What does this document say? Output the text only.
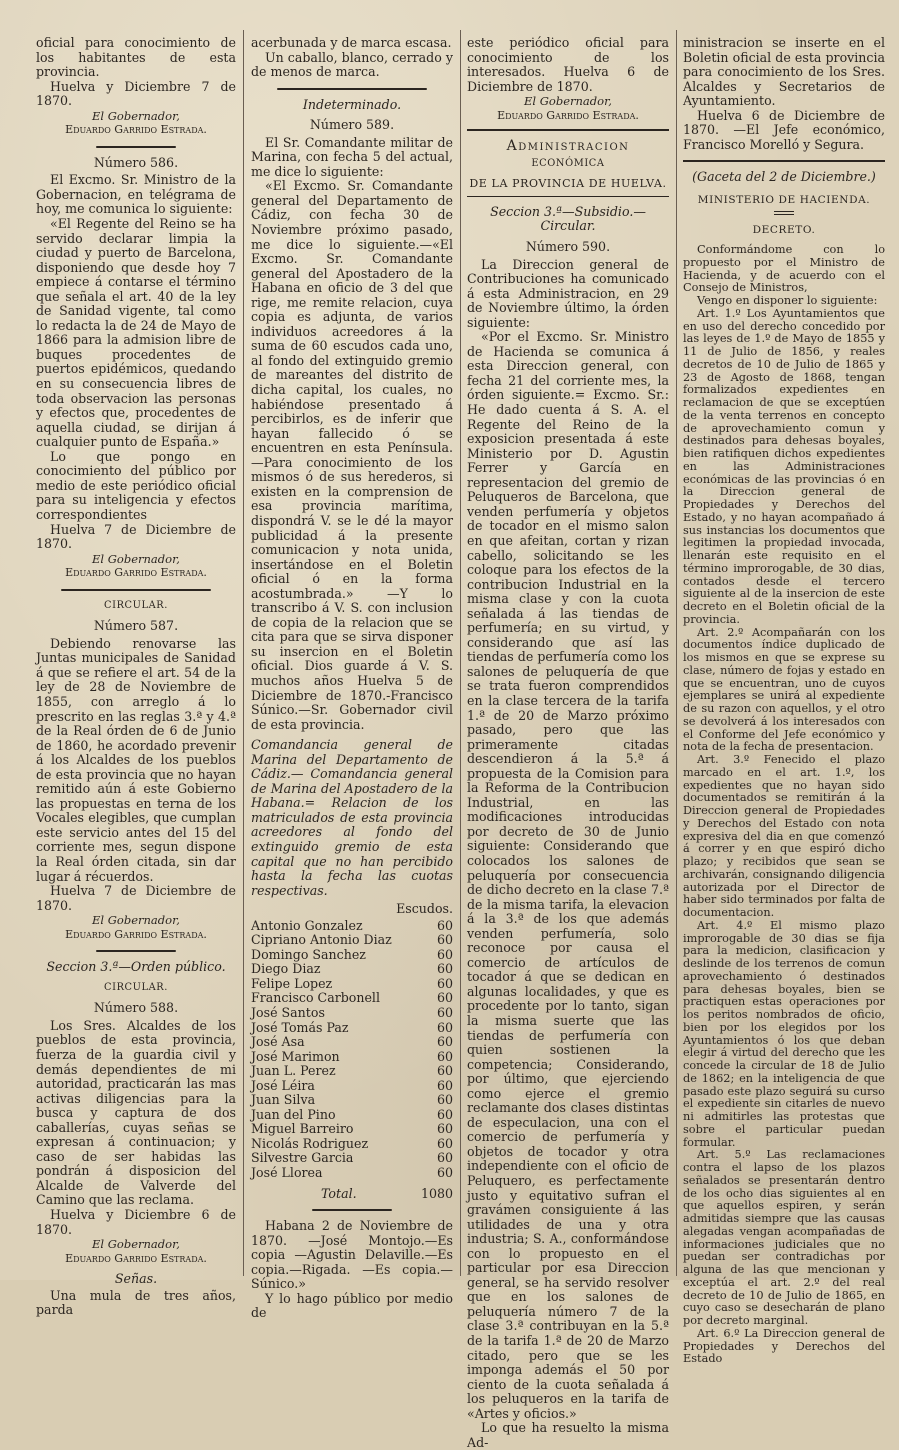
oficial para conocimiento de los habitantes de esta provincia.

Huelva y Diciembre 7 de 1870.

El Gobernador,

Eduardo Garrido Estrada.

Número 586.

El Excmo. Sr. Ministro de la Gobernacion, en telégrama de hoy, me comunica lo siguiente:

«El Regente del Reino se ha servido declarar limpia la ciudad y puerto de Barcelona, disponiendo que desde hoy 7 empiece á contarse el término que señala el art. 40 de la ley de Sanidad vigente, tal como lo redacta la de 24 de Mayo de 1866 para la admision libre de buques procedentes de puertos epidémicos, quedando en su consecuencia libres de toda observacion las personas y efectos que, procedentes de aquella ciudad, se dirijan á cualquier punto de España.»

Lo que pongo en conocimiento del público por medio de este periódico oficial para su inteligencia y efectos correspondientes

Huelva 7 de Diciembre de 1870.

El Gobernador,

Eduardo Garrido Estrada.

CIRCULAR.

Número 587.

Debiendo renovarse las Juntas municipales de Sanidad á que se refiere el art. 54 de la ley de 28 de Noviembre de 1855, con arreglo á lo prescrito en las reglas 3.ª y 4.ª de la Real órden de 6 de Junio de 1860, he acordado prevenir á los Alcaldes de los pueblos de esta provincia que no hayan remitido aún á este Gobierno las propuestas en terna de los Vocales elegibles, que cumplan este servicio antes del 15 del corriente mes, segun dispone la Real órden citada, sin dar lugar á récuerdos.

Huelva 7 de Diciembre de 1870.

El Gobernador,

Eduardo Garrido Estrada.

Seccion 3.ª—Orden público.

CIRCULAR.

Número 588.

Los Sres. Alcaldes de los pueblos de esta provincia, fuerza de la guardia civil y demás dependientes de mi autoridad, practicarán las mas activas diligencias para la busca y captura de dos caballerías, cuyas señas se expresan á continuacion; y caso de ser habidas las pondrán á disposicion del Alcalde de Valverde del Camino que las reclama.

Huelva y Diciembre 6 de 1870.

El Gobernador,

Eduardo Garrido Estrada.

Señas.

Una mula de tres años, parda

acerbunada y de marca escasa.

Un caballo, blanco, cerrado y de menos de marca.

Indeterminado.

Número 589.

El Sr. Comandante militar de Marina, con fecha 5 del actual, me dice lo siguiente:

«El Excmo. Sr. Comandante general del Departamento de Cádiz, con fecha 30 de Noviembre próximo pasado, me dice lo siguiente.—«El Excmo. Sr. Comandante general del Apostadero de la Habana en oficio de 3 del que rige, me remite relacion, cuya copia es adjunta, de varios individuos acreedores á la suma de 60 escudos cada uno, al fondo del extinguido gremio de mareantes del distrito de dicha capital, los cuales, no habiéndose presentado á percibirlos, es de inferir que hayan fallecido ó se encuentren en esta Península.—Para conocimiento de los mismos ó de sus herederos, si existen en la comprension de esa provincia marítima, dispondrá V. se le dé la mayor publicidad á la presente comunicacion y nota unida, insertándose en el Boletin oficial ó en la forma acostumbrada.» —Y lo transcribo á V. S. con inclusion de copia de la relacion que se cita para que se sirva disponer su insercion en el Boletin oficial. Dios guarde á V. S. muchos años Huelva 5 de Diciembre de 1870.-Francisco Súnico.—Sr. Gobernador civil de esta provincia.

Comandancia general de Marina del Departamento de Cádiz.— Comandancia general de Marina del Apostadero de la Habana.= Relacion de los matriculados de esta provincia acreedores al fondo del extinguido gremio de esta capital que no han percibido hasta la fecha las cuotas respectivas.

Escudos.
Antonio Gonzalez	60
Cipriano Antonio Diaz	60
Domingo Sanchez	60
Diego Diaz	60
Felipe Lopez	60
Francisco Carbonell	60
José Santos	60
José Tomás Paz	60
José Asa	60
José Marimon	60
Juan L. Perez	60
José Léira	60
Juan Silva	60
Juan del Pino	60
Miguel Barreiro	60
Nicolás Rodriguez	60
Silvestre Garcia	60
José Llorea	60
Total.	1080

Habana 2 de Noviembre de 1870. —José Montojo.—Es copia —Agustin Delaville.—Es copia.—Rigada. —Es copia.—Súnico.»

Y lo hago público por medio de

este periódico oficial para conocimiento de los interesados. Huelva 6 de Diciembre de 1870.

El Gobernador,

Eduardo Garrido Estrada.

Administracion

ECONÓMICA

DE LA PROVINCIA DE HUELVA.

Seccion 3.ª—Subsidio.—Circular.

Número 590.

La Direccion general de Contribuciones ha comunicado á esta Administracion, en 29 de Noviembre último, la órden siguiente:

«Por el Excmo. Sr. Ministro de Hacienda se comunica á esta Direccion general, con fecha 21 del corriente mes, la órden siguiente.= Excmo. Sr.: He dado cuenta á S. A. el Regente del Reino de la exposicion presentada á este Ministerio por D. Agustin Ferrer y García en representacion del gremio de Peluqueros de Barcelona, que venden perfumería y objetos de tocador en el mismo salon en que afeitan, cortan y rizan cabello, solicitando se les coloque para los efectos de la contribucion Industrial en la misma clase y con la cuota señalada á las tiendas de perfumería; en su virtud, y considerando que así las tiendas de perfumería como los salones de peluquería de que se trata fueron comprendidos en la clase tercera de la tarifa 1.ª de 20 de Marzo próximo pasado, pero que las primeramente citadas descendieron á la 5.ª á propuesta de la Comision para la Reforma de la Contribucion Industrial, en las modificaciones introducidas por decreto de 30 de Junio siguiente: Considerando que colocados los salones de peluquería por consecuencia de dicho decreto en la clase 7.ª de la misma tarifa, la elevacion á la 3.ª de los que además venden perfumería, solo reconoce por causa el comercio de artículos de tocador á que se dedican en algunas localidades, y que es procedente por lo tanto, sigan la misma suerte que las tiendas de perfumería con quien sostienen la competencia; Considerando, por último, que ejerciendo como ejerce el gremio reclamante dos clases distintas de especulacion, una con el comercio de perfumería y objetos de tocador y otra independiente con el oficio de Peluquero, es perfectamente justo y equitativo sufran el gravámen consiguiente á las utilidades de una y otra industria; S. A., conformándose con lo propuesto en el particular por esa Direccion general, se ha servido resolver que en los salones de peluquería número 7 de la clase 3.ª contribuyan en la 5.ª de la tarifa 1.ª de 20 de Marzo citado, pero que se les imponga además el 50 por ciento de la cuota señalada á los peluqueros en la tarifa de «Artes y oficios.»

Lo que ha resuelto la misma Ad-

ministracion se inserte en el Boletin oficial de esta provincia para conocimiento de los Sres. Alcaldes y Secretarios de Ayuntamiento.

Huelva 6 de Diciembre de 1870. —El Jefe económico, Francisco Morelló y Segura.

(Gaceta del 2 de Diciembre.)

MINISTERIO DE HACIENDA.

DECRETO.

Conformándome con lo propuesto por el Ministro de Hacienda, y de acuerdo con el Consejo de Ministros,

Vengo en disponer lo siguiente:

Art. 1.º Los Ayuntamientos que en uso del derecho concedido por las leyes de 1.º de Mayo de 1855 y 11 de Julio de 1856, y reales decretos de 10 de Julio de 1865 y 23 de Agosto de 1868, tengan formalizados expedientes en reclamacion de que se exceptúen de la venta terrenos en concepto de aprovechamiento comun y destinados para dehesas boyales, bien ratifiquen dichos expedientes en las Administraciones económicas de las provincias ó en la Direccion general de Propiedades y Derechos del Estado, y no hayan acompañado á sus instancias los documentos que legitimen la propiedad invocada, llenarán este requisito en el término improrogable, de 30 dias, contados desde el tercero siguiente al de la insercion de este decreto en el Boletin oficial de la provincia.

Art. 2.º Acompañarán con los documentos índice duplicado de los mismos en que se exprese su clase, número de fojas y estado en que se encuentran, uno de cuyos ejemplares se unirá al expediente de su razon con aquellos, y el otro se devolverá á los interesados con el Conforme del Jefe económico y nota de la fecha de presentacion.

Art. 3.º Fenecido el plazo marcado en el art. 1.º, los expedientes que no hayan sido documentados se remitirán á la Direccion general de Propiedades y Derechos del Estado con nota expresiva del dia en que comenzó á correr y en que espiró dicho plazo; y recibidos que sean se archivarán, consignando diligencia autorizada por el Director de haber sido terminados por falta de documentacion.

Art. 4.º El mismo plazo improrogable de 30 dias se fija para la medicion, clasificacion y deslinde de los terrenos de comun aprovechamiento ó destinados para dehesas boyales, bien se practiquen estas operaciones por los peritos nombrados de oficio, bien por los elegidos por los Ayuntamientos ó los que deban elegir á virtud del derecho que les concede la circular de 18 de Julio de 1862; en la inteligencia de que pasado este plazo seguirá su curso el expediente sin citarles de nuevo ni admitirles las protestas que sobre el particular puedan formular.

Art. 5.º Las reclamaciones contra el lapso de los plazos señalados se presentarán dentro de los ocho dias siguientes al en que aquellos espiren, y serán admitidas siempre que las causas alegadas vengan acompañadas de informaciones judiciales que no puedan ser contradichas por alguna de las que mencionan y exceptúa el art. 2.º del real decreto de 10 de Julio de 1865, en cuyo caso se desecharán de plano por decreto marginal.

Art. 6.º La Direccion general de Propiedades y Derechos del Estado
